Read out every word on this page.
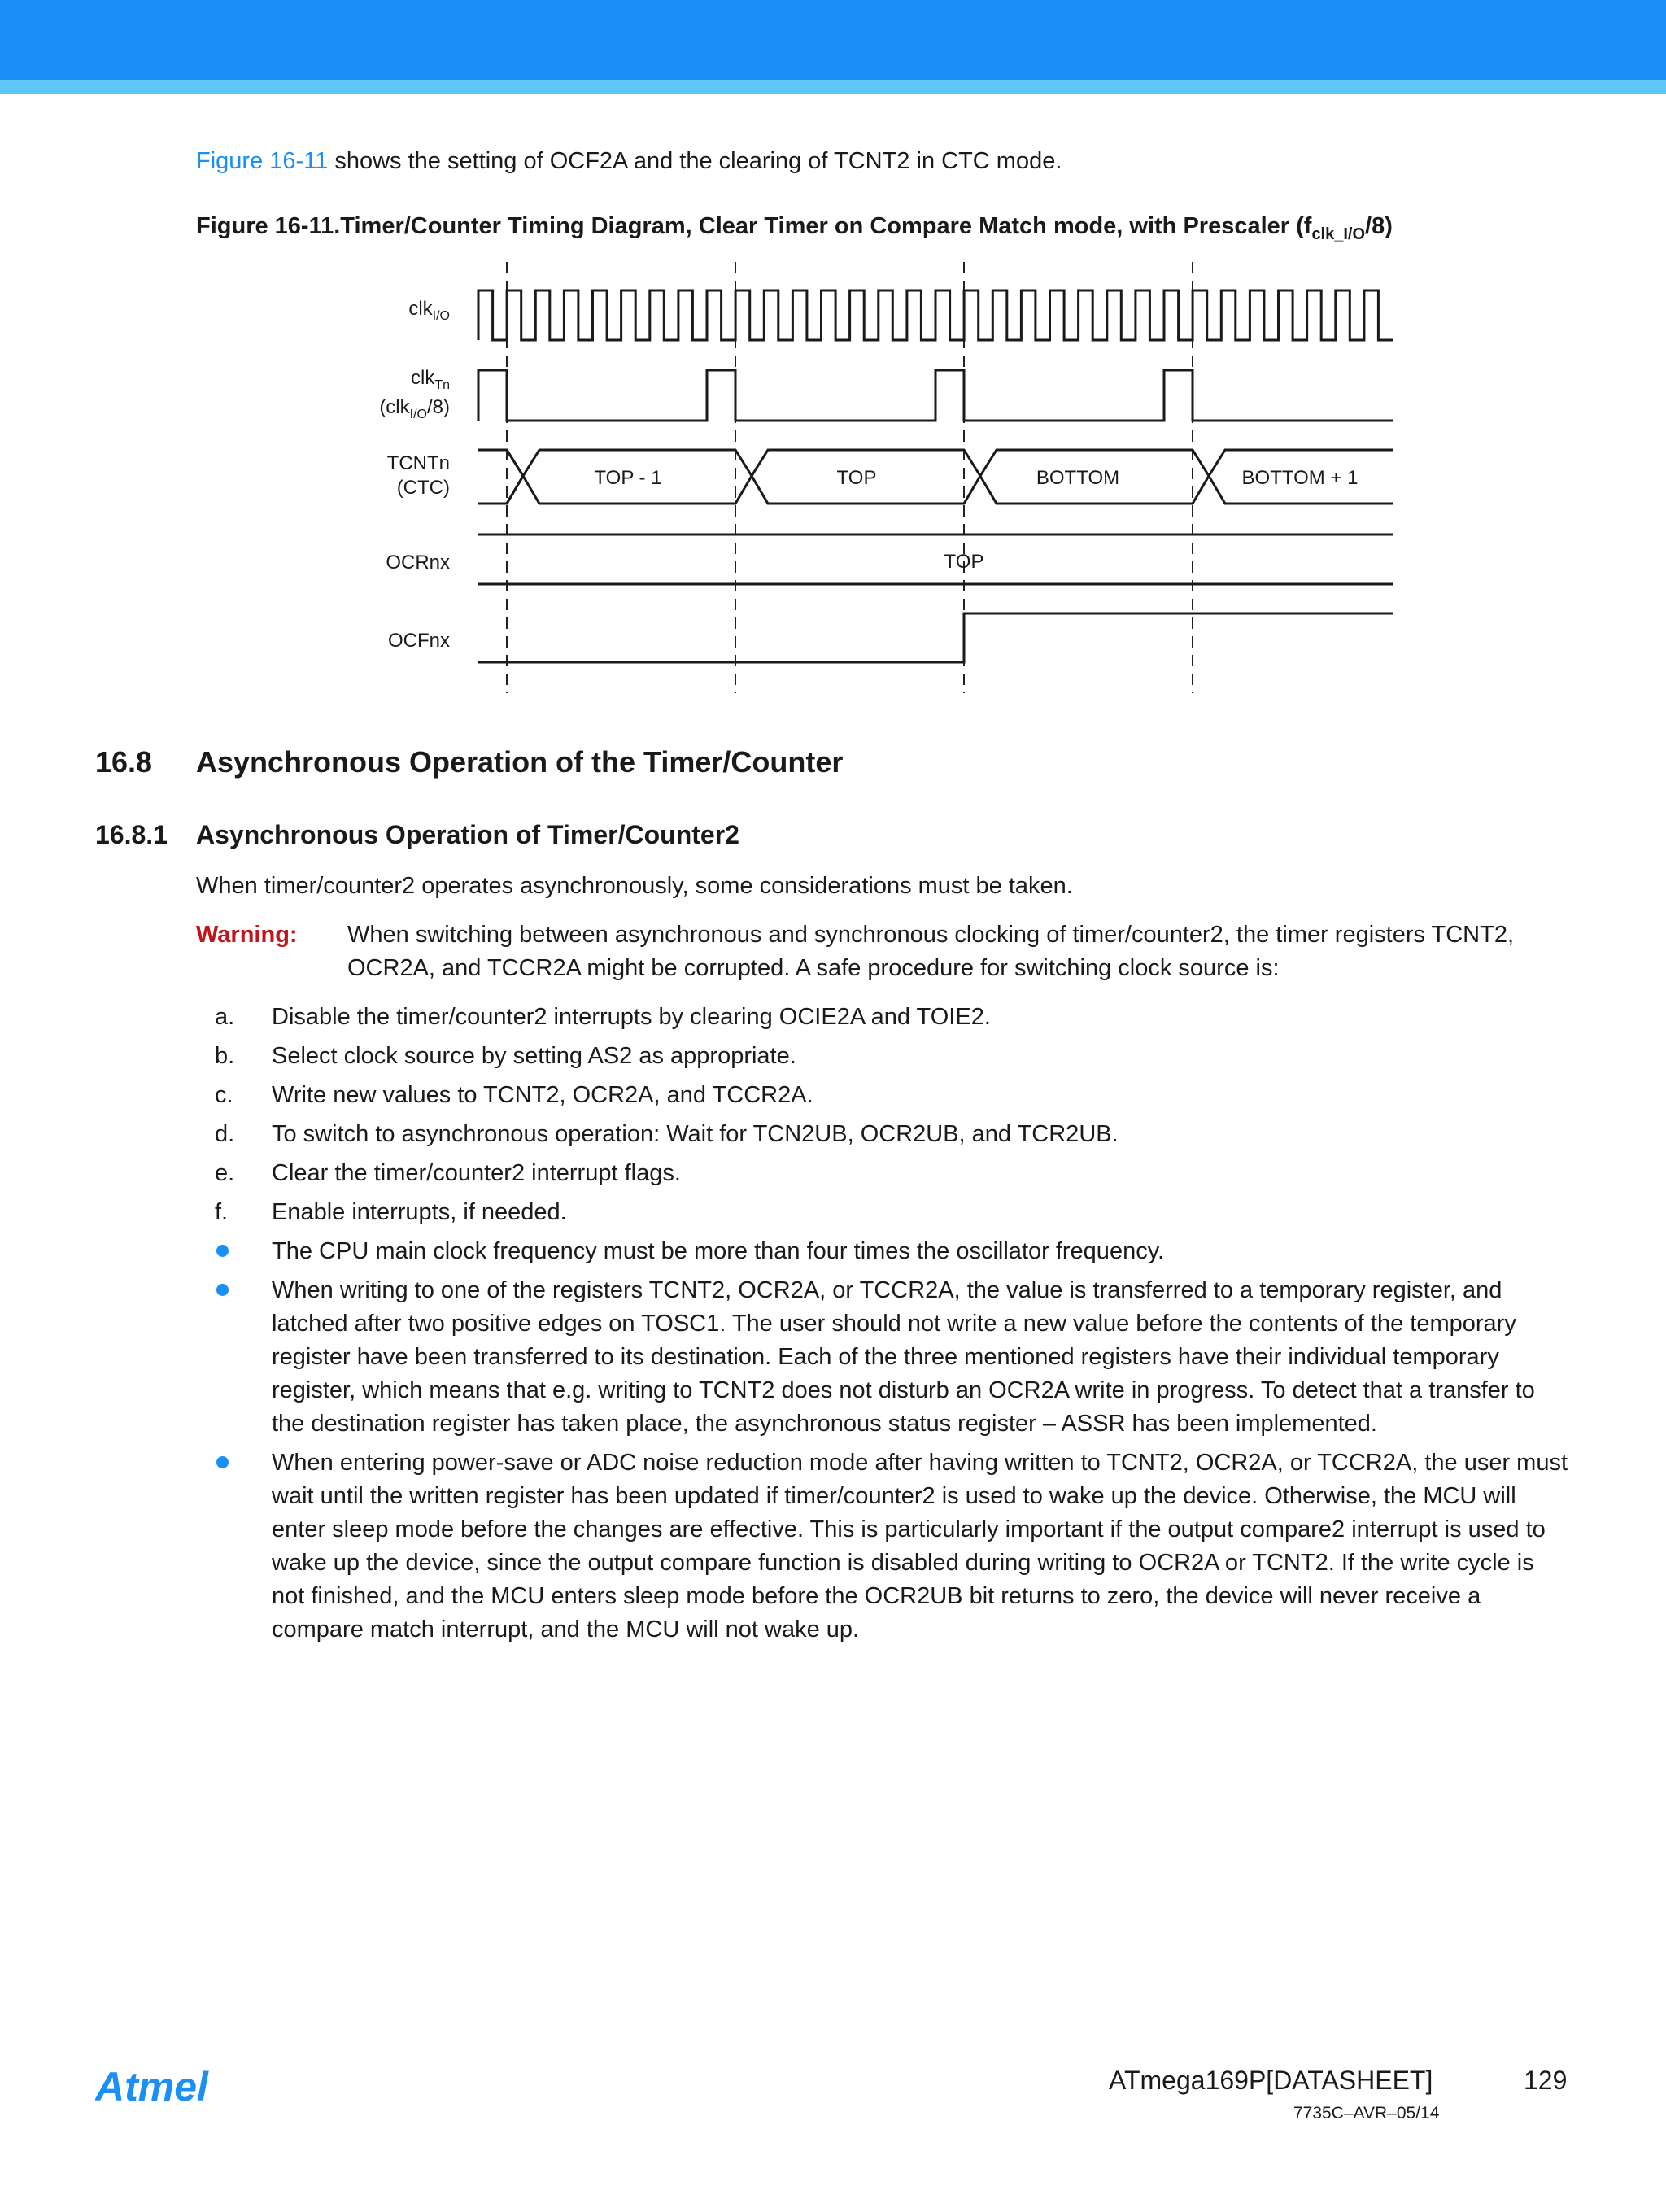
Figure 16-11 shows the setting of OCF2A and the clearing of TCNT2 in CTC mode.
Figure 16-11.Timer/Counter Timing Diagram, Clear Timer on Compare Match mode, with Prescaler $(f_{clk\_I/O}/8)$
clk$_{I/O}$
clk$_{Tn}$
(clk$_{I/O}$/8)
TCNTn
(CTC)
OCRnx
OCFnx
TOP - 1	TOP	BOTTOM	BOTTOM + 1
TOP
16.8 Asynchronous Operation of the Timer/Counter
16.8.1 Asynchronous Operation of Timer/Counter2
When timer/counter2 operates asynchronously, some considerations must be taken.
Warning: When switching between asynchronous and synchronous clocking of timer/counter2, the timer registers TCNT2, OCR2A, and TCCR2A might be corrupted. A safe procedure for switching clock source is:
a. Disable the timer/counter2 interrupts by clearing OCIE2A and TOIE2.
b. Select clock source by setting AS2 as appropriate.
c. Write new values to TCNT2, OCR2A, and TCCR2A.
d. To switch to asynchronous operation: Wait for TCN2UB, OCR2UB, and TCR2UB.
e. Clear the timer/counter2 interrupt flags.
f. Enable interrupts, if needed.
The CPU main clock frequency must be more than four times the oscillator frequency.
When writing to one of the registers TCNT2, OCR2A, or TCCR2A, the value is transferred to a temporary register, and latched after two positive edges on TOSC1. The user should not write a new value before the contents of the temporary register have been transferred to its destination. Each of the three mentioned registers have their individual temporary register, which means that e.g. writing to TCNT2 does not disturb an OCR2A write in progress. To detect that a transfer to the destination register has taken place, the asynchronous status register – ASSR has been implemented.
When entering power-save or ADC noise reduction mode after having written to TCNT2, OCR2A, or TCCR2A, the user must wait until the written register has been updated if timer/counter2 is used to wake up the device. Otherwise, the MCU will enter sleep mode before the changes are effective. This is particularly important if the output compare2 interrupt is used to wake up the device, since the output compare function is disabled during writing to OCR2A or TCNT2. If the write cycle is not finished, and the MCU enters sleep mode before the OCR2UB bit returns to zero, the device will never receive a compare match interrupt, and the MCU will not wake up.
Atmel	ATmega169P[DATASHEET]	129
7735C–AVR–05/14
